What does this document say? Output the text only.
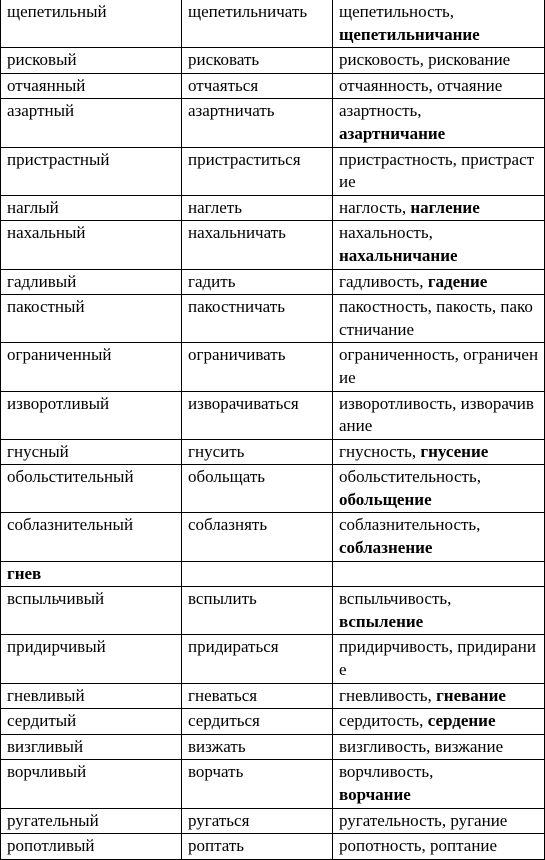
щепетильный	щепетильничать	щепетильность,
щепетильничание
рисковый	рисковать	рисковость, рискование
отчаянный	отчаяться	отчаянность, отчаяние
азартный	азартничать	азартность,
азартничание
пристрастный	пристраститься	пристрастность, пристрастие
наглый	наглеть	наглость, нагление
нахальный	нахальничать	нахальность,
нахальничание
гадливый	гадить	гадливость, гадение
пакостный	пакостничать	пакостность, пакость, пакостничание
ограниченный	ограничивать	ограниченность, ограничение
изворотливый	изворачиваться	изворотливость, изворачивание
гнусный	гнусить	гнусность, гнусение
обольстительный	обольщать	обольстительность,
обольщение
соблазнительный	соблазнять	соблазнительность,
соблазнение
гнев		
вспыльчивый	вспылить	вспыльчивость,
вспыление
придирчивый	придираться	придирчивость, придирание
гневливый	гневаться	гневливость, гневание
сердитый	сердиться	сердитость, сердение
визгливый	визжать	визгливость, визжание
ворчливый	ворчать	ворчливость,
ворчание
ругательный	ругаться	ругательность, ругание
ропотливый	роптать	ропотность, роптание
